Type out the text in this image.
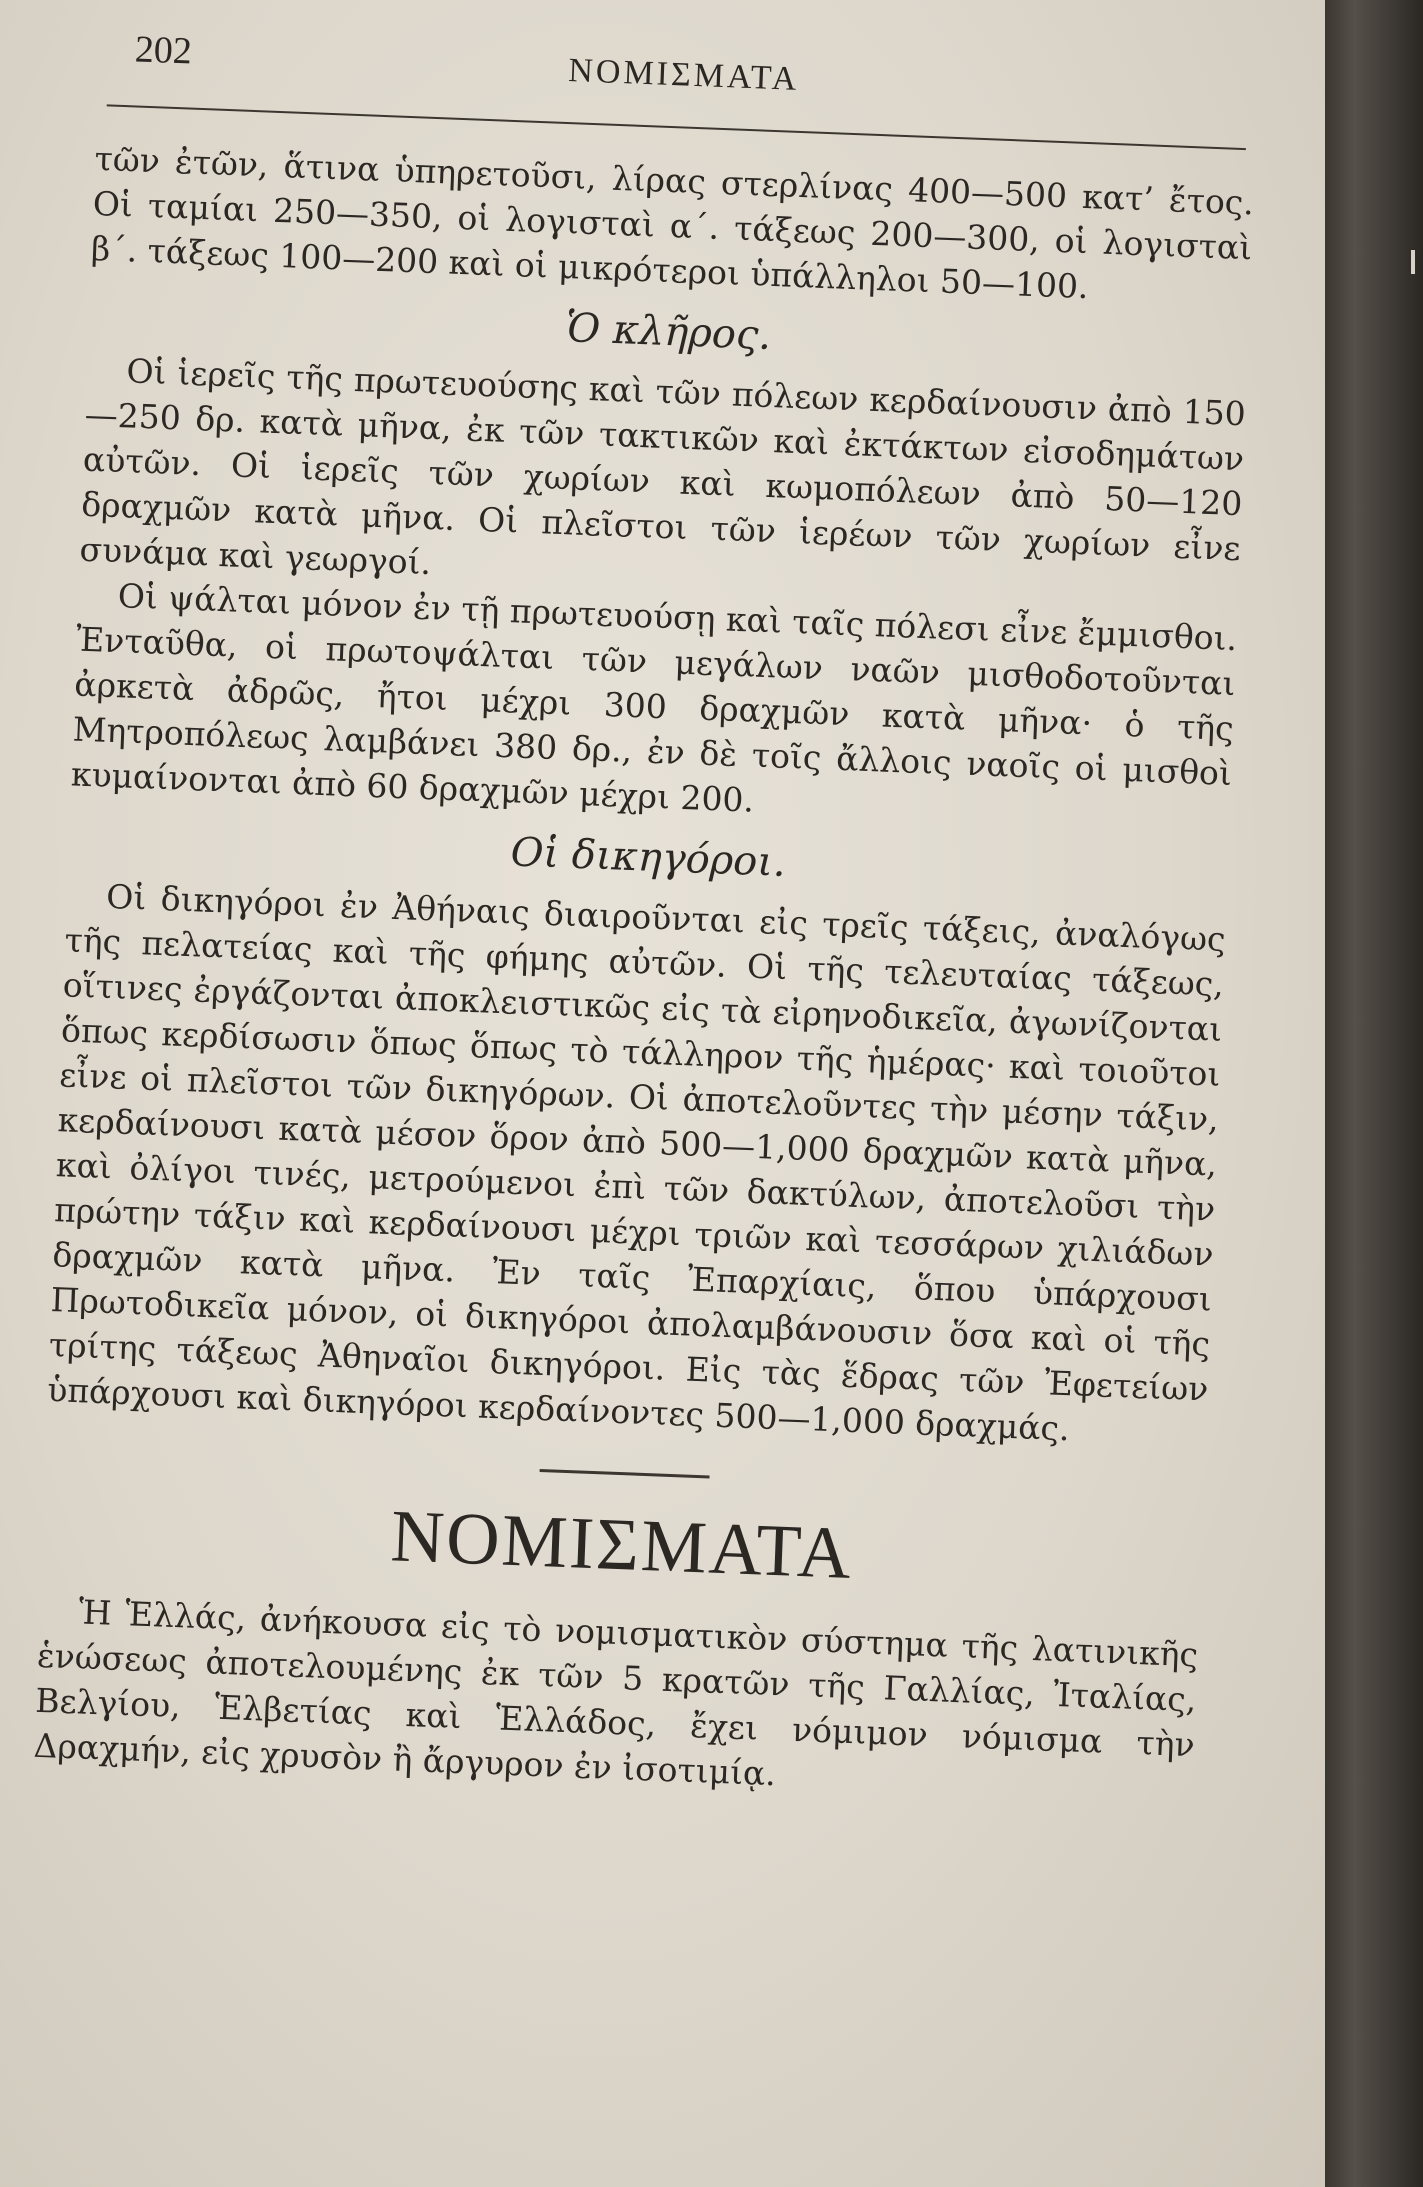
202
ΝΟΜΙΣΜΑΤΑ

τῶν ἐτῶν, ἅτινα ὑπηρετοῦσι, λίρας στερλίνας 400—500 κατ’ ἔτος. Οἱ ταμίαι 250—350, οἱ λογισταὶ α΄. τάξεως 200—300, οἱ λογισταὶ β΄. τάξεως 100—200 καὶ οἱ μικρότεροι ὑπάλληλοι 50—100.

Ὁ κλῆρος.

Οἱ ἱερεῖς τῆς πρωτευούσης καὶ τῶν πόλεων κερδαίνουσιν ἀπὸ 150—250 δρ. κατὰ μῆνα, ἐκ τῶν τακτικῶν καὶ ἐκτάκτων εἰσοδημάτων αὐτῶν. Οἱ ἱερεῖς τῶν χωρίων καὶ κωμοπόλεων ἀπὸ 50—120 δραχμῶν κατὰ μῆνα. Οἱ πλεῖστοι τῶν ἱερέων τῶν χωρίων εἶνε συνάμα καὶ γεωργοί.

Οἱ ψάλται μόνον ἐν τῇ πρωτευούσῃ καὶ ταῖς πόλεσι εἶνε ἔμμισθοι. Ἐνταῦθα, οἱ πρωτοψάλται τῶν μεγάλων ναῶν μισθοδοτοῦνται ἀρκετὰ ἀδρῶς, ἤτοι μέχρι 300 δραχμῶν κατὰ μῆνα· ὁ τῆς Μητροπόλεως λαμβάνει 380 δρ., ἐν δὲ τοῖς ἄλλοις ναοῖς οἱ μισθοὶ κυμαίνονται ἀπὸ 60 δραχμῶν μέχρι 200.

Οἱ δικηγόροι.

Οἱ δικηγόροι ἐν Ἀθήναις διαιροῦνται εἰς τρεῖς τάξεις, ἀναλόγως τῆς πελατείας καὶ τῆς φήμης αὐτῶν. Οἱ τῆς τελευταίας τάξεως, οἵτινες ἐργάζονται ἀποκλειστικῶς εἰς τὰ εἰρηνοδικεῖα, ἀγωνίζονται ὅπως κερδίσωσιν ὅπως ὅπως τὸ τάλληρον τῆς ἡμέρας· καὶ τοιοῦτοι εἶνε οἱ πλεῖστοι τῶν δικηγόρων. Οἱ ἀποτελοῦντες τὴν μέσην τάξιν, κερδαίνουσι κατὰ μέσον ὅρον ἀπὸ 500—1,000 δραχμῶν κατὰ μῆνα, καὶ ὀλίγοι τινές, μετρούμενοι ἐπὶ τῶν δακτύλων, ἀποτελοῦσι τὴν πρώτην τάξιν καὶ κερδαίνουσι μέχρι τριῶν καὶ τεσσάρων χιλιάδων δραχμῶν κατὰ μῆνα. Ἐν ταῖς Ἐπαρχίαις, ὅπου ὑπάρχουσι Πρωτοδικεῖα μόνον, οἱ δικηγόροι ἀπολαμβάνουσιν ὅσα καὶ οἱ τῆς τρίτης τάξεως Ἀθηναῖοι δικηγόροι. Εἰς τὰς ἕδρας τῶν Ἐφετείων ὑπάρχουσι καὶ δικηγόροι κερδαίνοντες 500—1,000 δραχμάς.

ΝΟΜΙΣΜΑΤΑ

Ἡ Ἑλλάς, ἀνήκουσα εἰς τὸ νομισματικὸν σύστημα τῆς λατινικῆς ἑνώσεως ἀποτελουμένης ἐκ τῶν 5 κρατῶν τῆς Γαλλίας, Ἰταλίας, Βελγίου, Ἑλβετίας καὶ Ἑλλάδος, ἔχει νόμιμον νόμισμα τὴν Δραχμήν, εἰς χρυσὸν ἢ ἄργυρον ἐν ἰσοτιμίᾳ.
